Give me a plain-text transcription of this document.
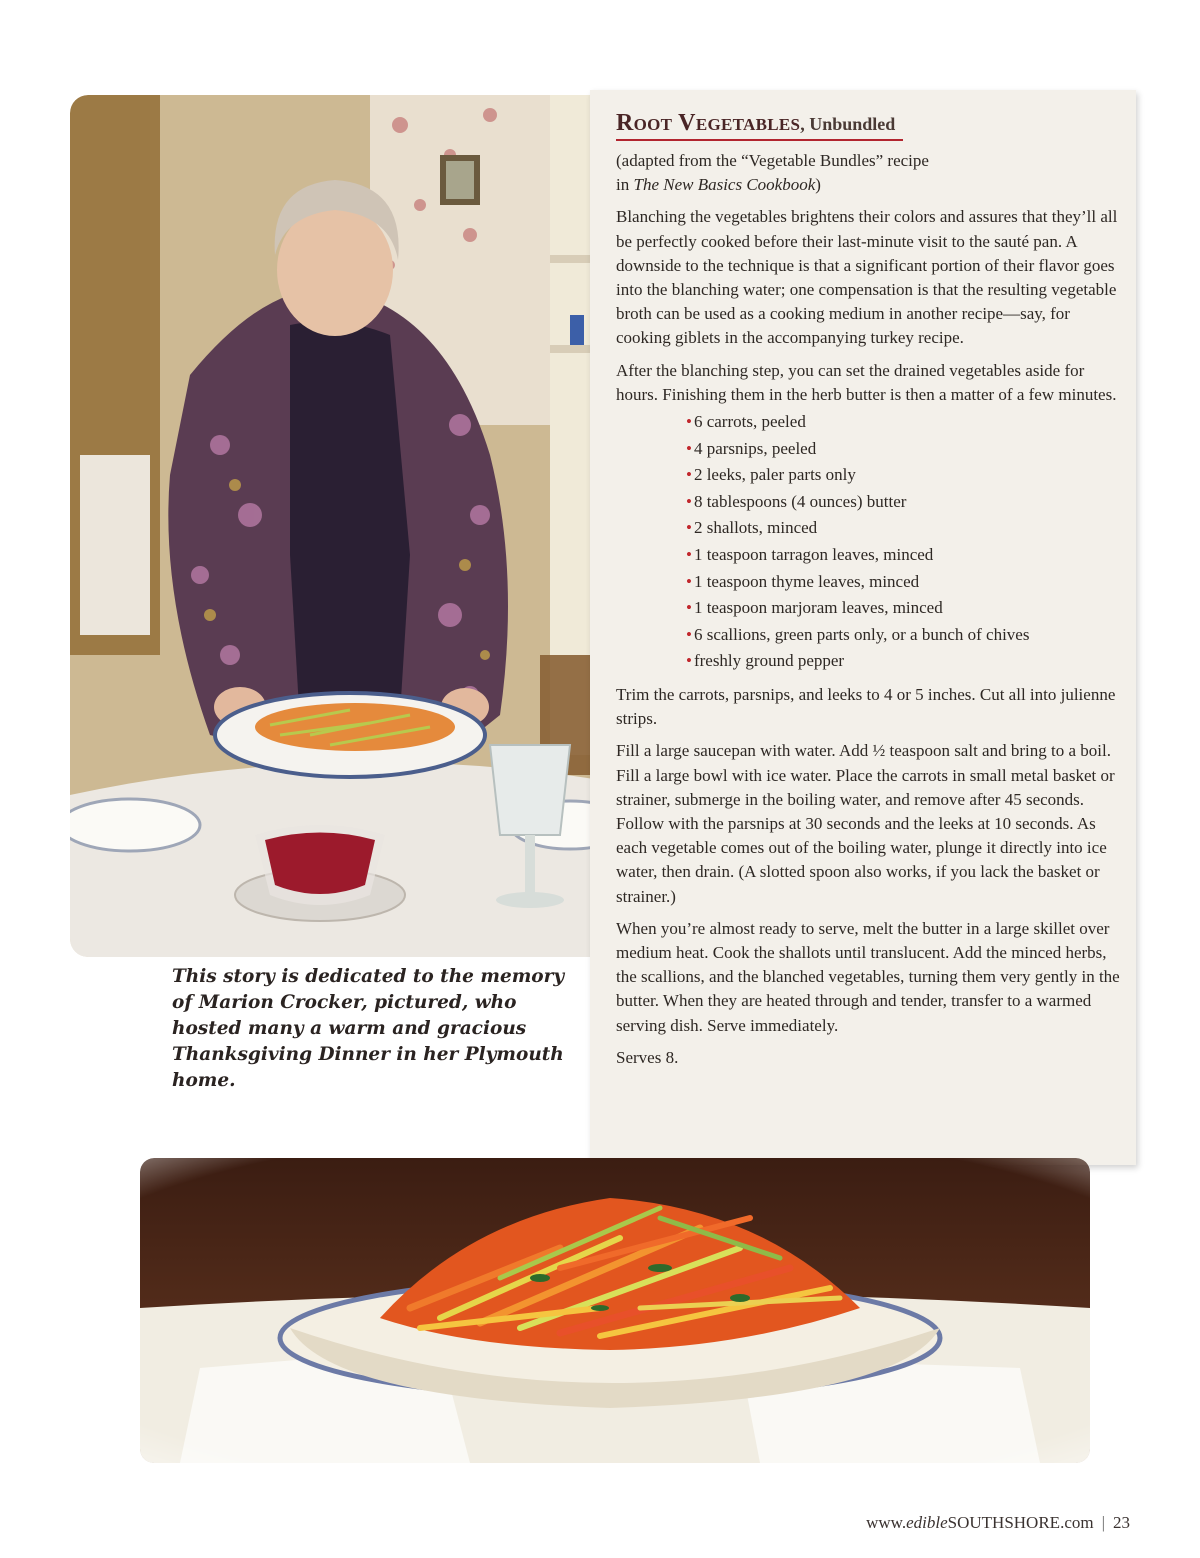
Root Vegetables, Unbundled
(adapted from the “Vegetable Bundles” recipe
in The New Basics Cookbook)

Blanching the vegetables brightens their colors and assures that they’ll all be perfectly cooked before their last-minute visit to the sauté pan. A downside to the technique is that a significant portion of their flavor goes into the blanching water; one compensation is that the resulting vegetable broth can be used as a cooking medium in another recipe—say, for cooking giblets in the accompanying turkey recipe.

After the blanching step, you can set the drained vegetables aside for hours. Finishing them in the herb butter is then a matter of a few minutes.

• 6 carrots, peeled
• 4 parsnips, peeled
• 2 leeks, paler parts only
• 8 tablespoons (4 ounces) butter
• 2 shallots, minced
• 1 teaspoon tarragon leaves, minced
• 1 teaspoon thyme leaves, minced
• 1 teaspoon marjoram leaves, minced
• 6 scallions, green parts only, or a bunch of chives
• freshly ground pepper

Trim the carrots, parsnips, and leeks to 4 or 5 inches. Cut all into julienne strips.

Fill a large saucepan with water. Add ½ teaspoon salt and bring to a boil. Fill a large bowl with ice water. Place the carrots in small metal basket or strainer, submerge in the boiling water, and remove after 45 seconds. Follow with the parsnips at 30 seconds and the leeks at 10 seconds. As each vegetable comes out of the boiling water, plunge it directly into ice water, then drain. (A slotted spoon also works, if you lack the basket or strainer.)

When you’re almost ready to serve, melt the butter in a large skillet over medium heat. Cook the shallots until translucent. Add the minced herbs, the scallions, and the blanched vegetables, turning them very gently in the butter. When they are heated through and tender, transfer to a warmed serving dish. Serve immediately.

Serves 8.

This story is dedicated to the memory of Marion Crocker, pictured, who hosted many a warm and gracious Thanksgiving Dinner in her Plymouth home.

www.edibleSOUTHSHORE.com | 23
